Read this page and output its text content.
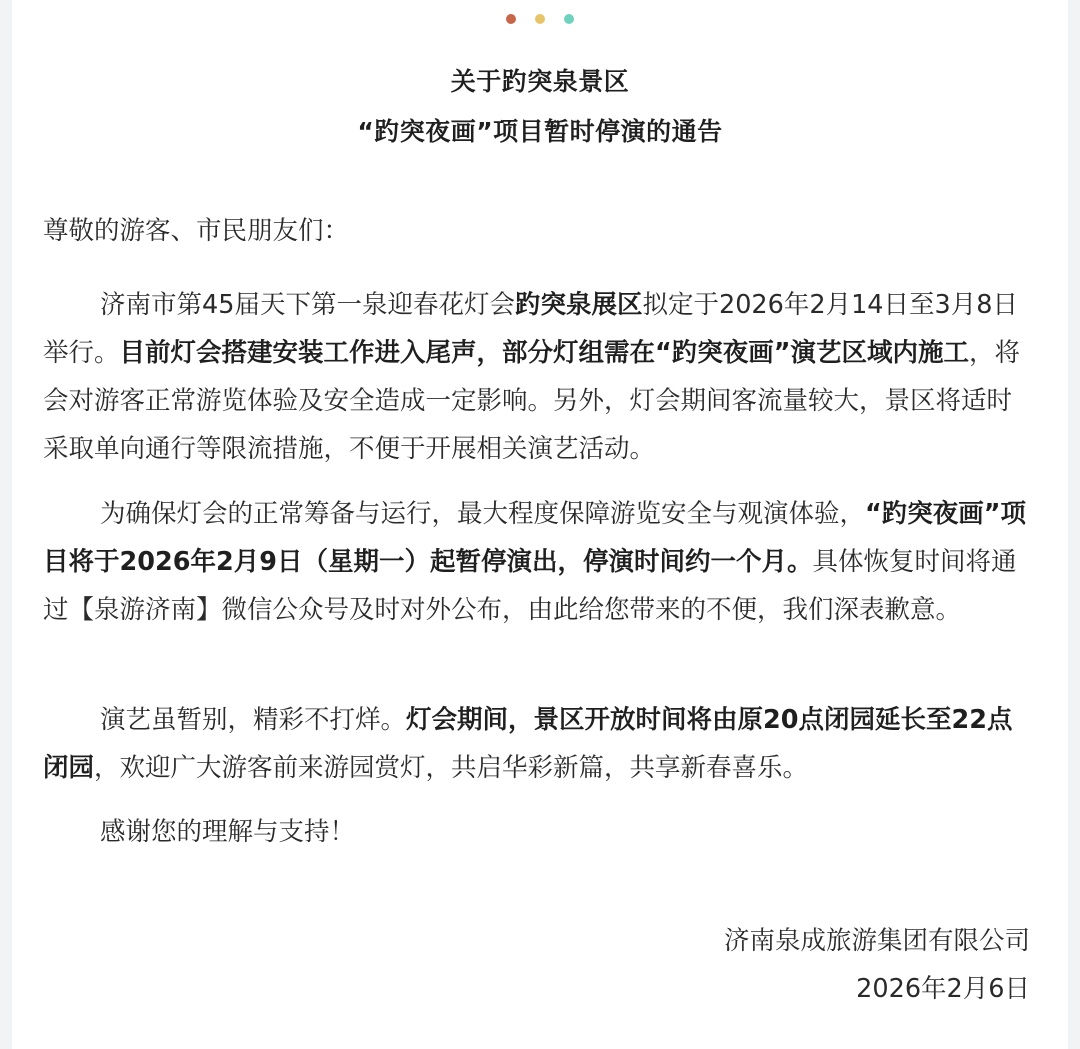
关于趵突泉景区
“趵突夜画”项目暂时停演的通告

尊敬的游客、市民朋友们：

济南市第45届天下第一泉迎春花灯会趵突泉展区拟定于2026年2月14日至3月8日举行。目前灯会搭建安装工作进入尾声，部分灯组需在“趵突夜画”演艺区域内施工，将会对游客正常游览体验及安全造成一定影响。另外，灯会期间客流量较大，景区将适时采取单向通行等限流措施，不便于开展相关演艺活动。

为确保灯会的正常筹备与运行，最大程度保障游览安全与观演体验，“趵突夜画”项目将于2026年2月9日（星期一）起暂停演出，停演时间约一个月。具体恢复时间将通过【泉游济南】微信公众号及时对外公布，由此给您带来的不便，我们深表歉意。

演艺虽暂别，精彩不打烊。灯会期间，景区开放时间将由原20点闭园延长至22点闭园，欢迎广大游客前来游园赏灯，共启华彩新篇，共享新春喜乐。

感谢您的理解与支持！

济南泉成旅游集团有限公司
2026年2月6日
